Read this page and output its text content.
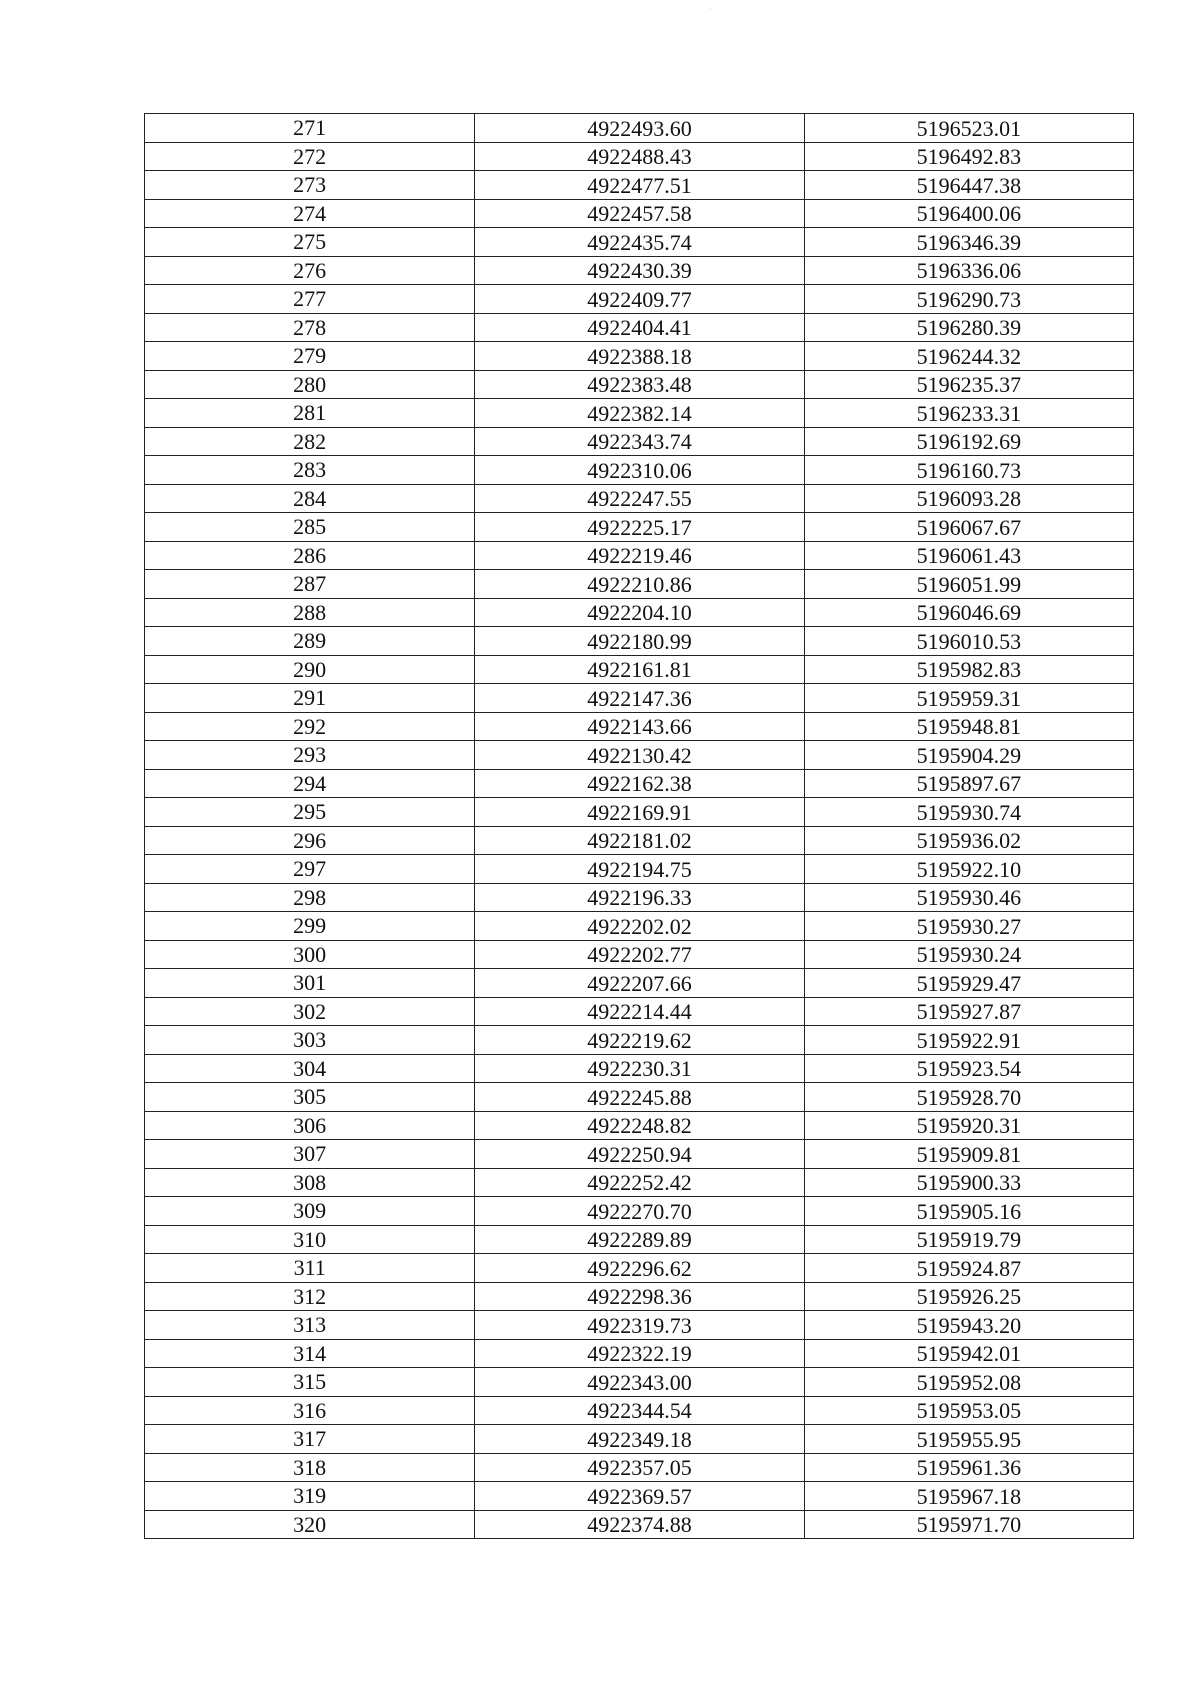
271	4922493.60	5196523.01
272	4922488.43	5196492.83
273	4922477.51	5196447.38
274	4922457.58	5196400.06
275	4922435.74	5196346.39
276	4922430.39	5196336.06
277	4922409.77	5196290.73
278	4922404.41	5196280.39
279	4922388.18	5196244.32
280	4922383.48	5196235.37
281	4922382.14	5196233.31
282	4922343.74	5196192.69
283	4922310.06	5196160.73
284	4922247.55	5196093.28
285	4922225.17	5196067.67
286	4922219.46	5196061.43
287	4922210.86	5196051.99
288	4922204.10	5196046.69
289	4922180.99	5196010.53
290	4922161.81	5195982.83
291	4922147.36	5195959.31
292	4922143.66	5195948.81
293	4922130.42	5195904.29
294	4922162.38	5195897.67
295	4922169.91	5195930.74
296	4922181.02	5195936.02
297	4922194.75	5195922.10
298	4922196.33	5195930.46
299	4922202.02	5195930.27
300	4922202.77	5195930.24
301	4922207.66	5195929.47
302	4922214.44	5195927.87
303	4922219.62	5195922.91
304	4922230.31	5195923.54
305	4922245.88	5195928.70
306	4922248.82	5195920.31
307	4922250.94	5195909.81
308	4922252.42	5195900.33
309	4922270.70	5195905.16
310	4922289.89	5195919.79
311	4922296.62	5195924.87
312	4922298.36	5195926.25
313	4922319.73	5195943.20
314	4922322.19	5195942.01
315	4922343.00	5195952.08
316	4922344.54	5195953.05
317	4922349.18	5195955.95
318	4922357.05	5195961.36
319	4922369.57	5195967.18
320	4922374.88	5195971.70
